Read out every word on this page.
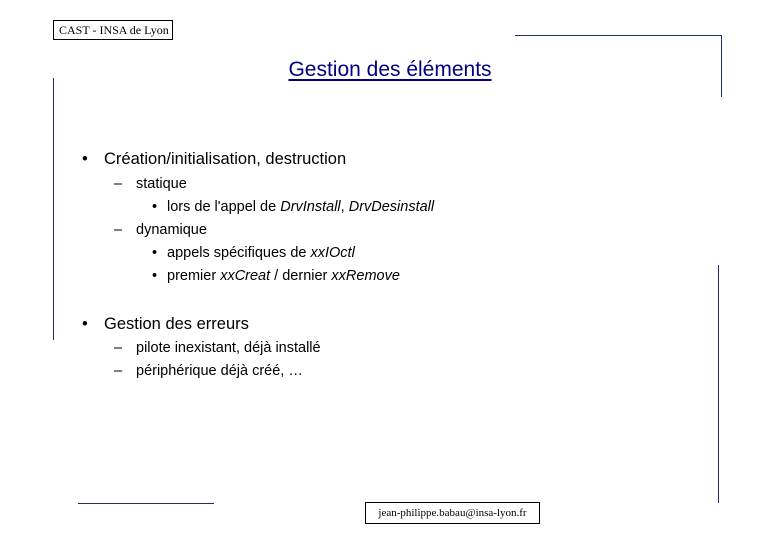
CAST - INSA de Lyon
Gestion des éléments
• Création/initialisation, destruction
– statique
• lors de l'appel de DrvInstall, DrvDesinstall
– dynamique
• appels spécifiques de xxIOctl
• premier xxCreat / dernier xxRemove
• Gestion des erreurs
– pilote inexistant, déjà installé
– périphérique déjà créé, …
jean-philippe.babau@insa-lyon.fr
